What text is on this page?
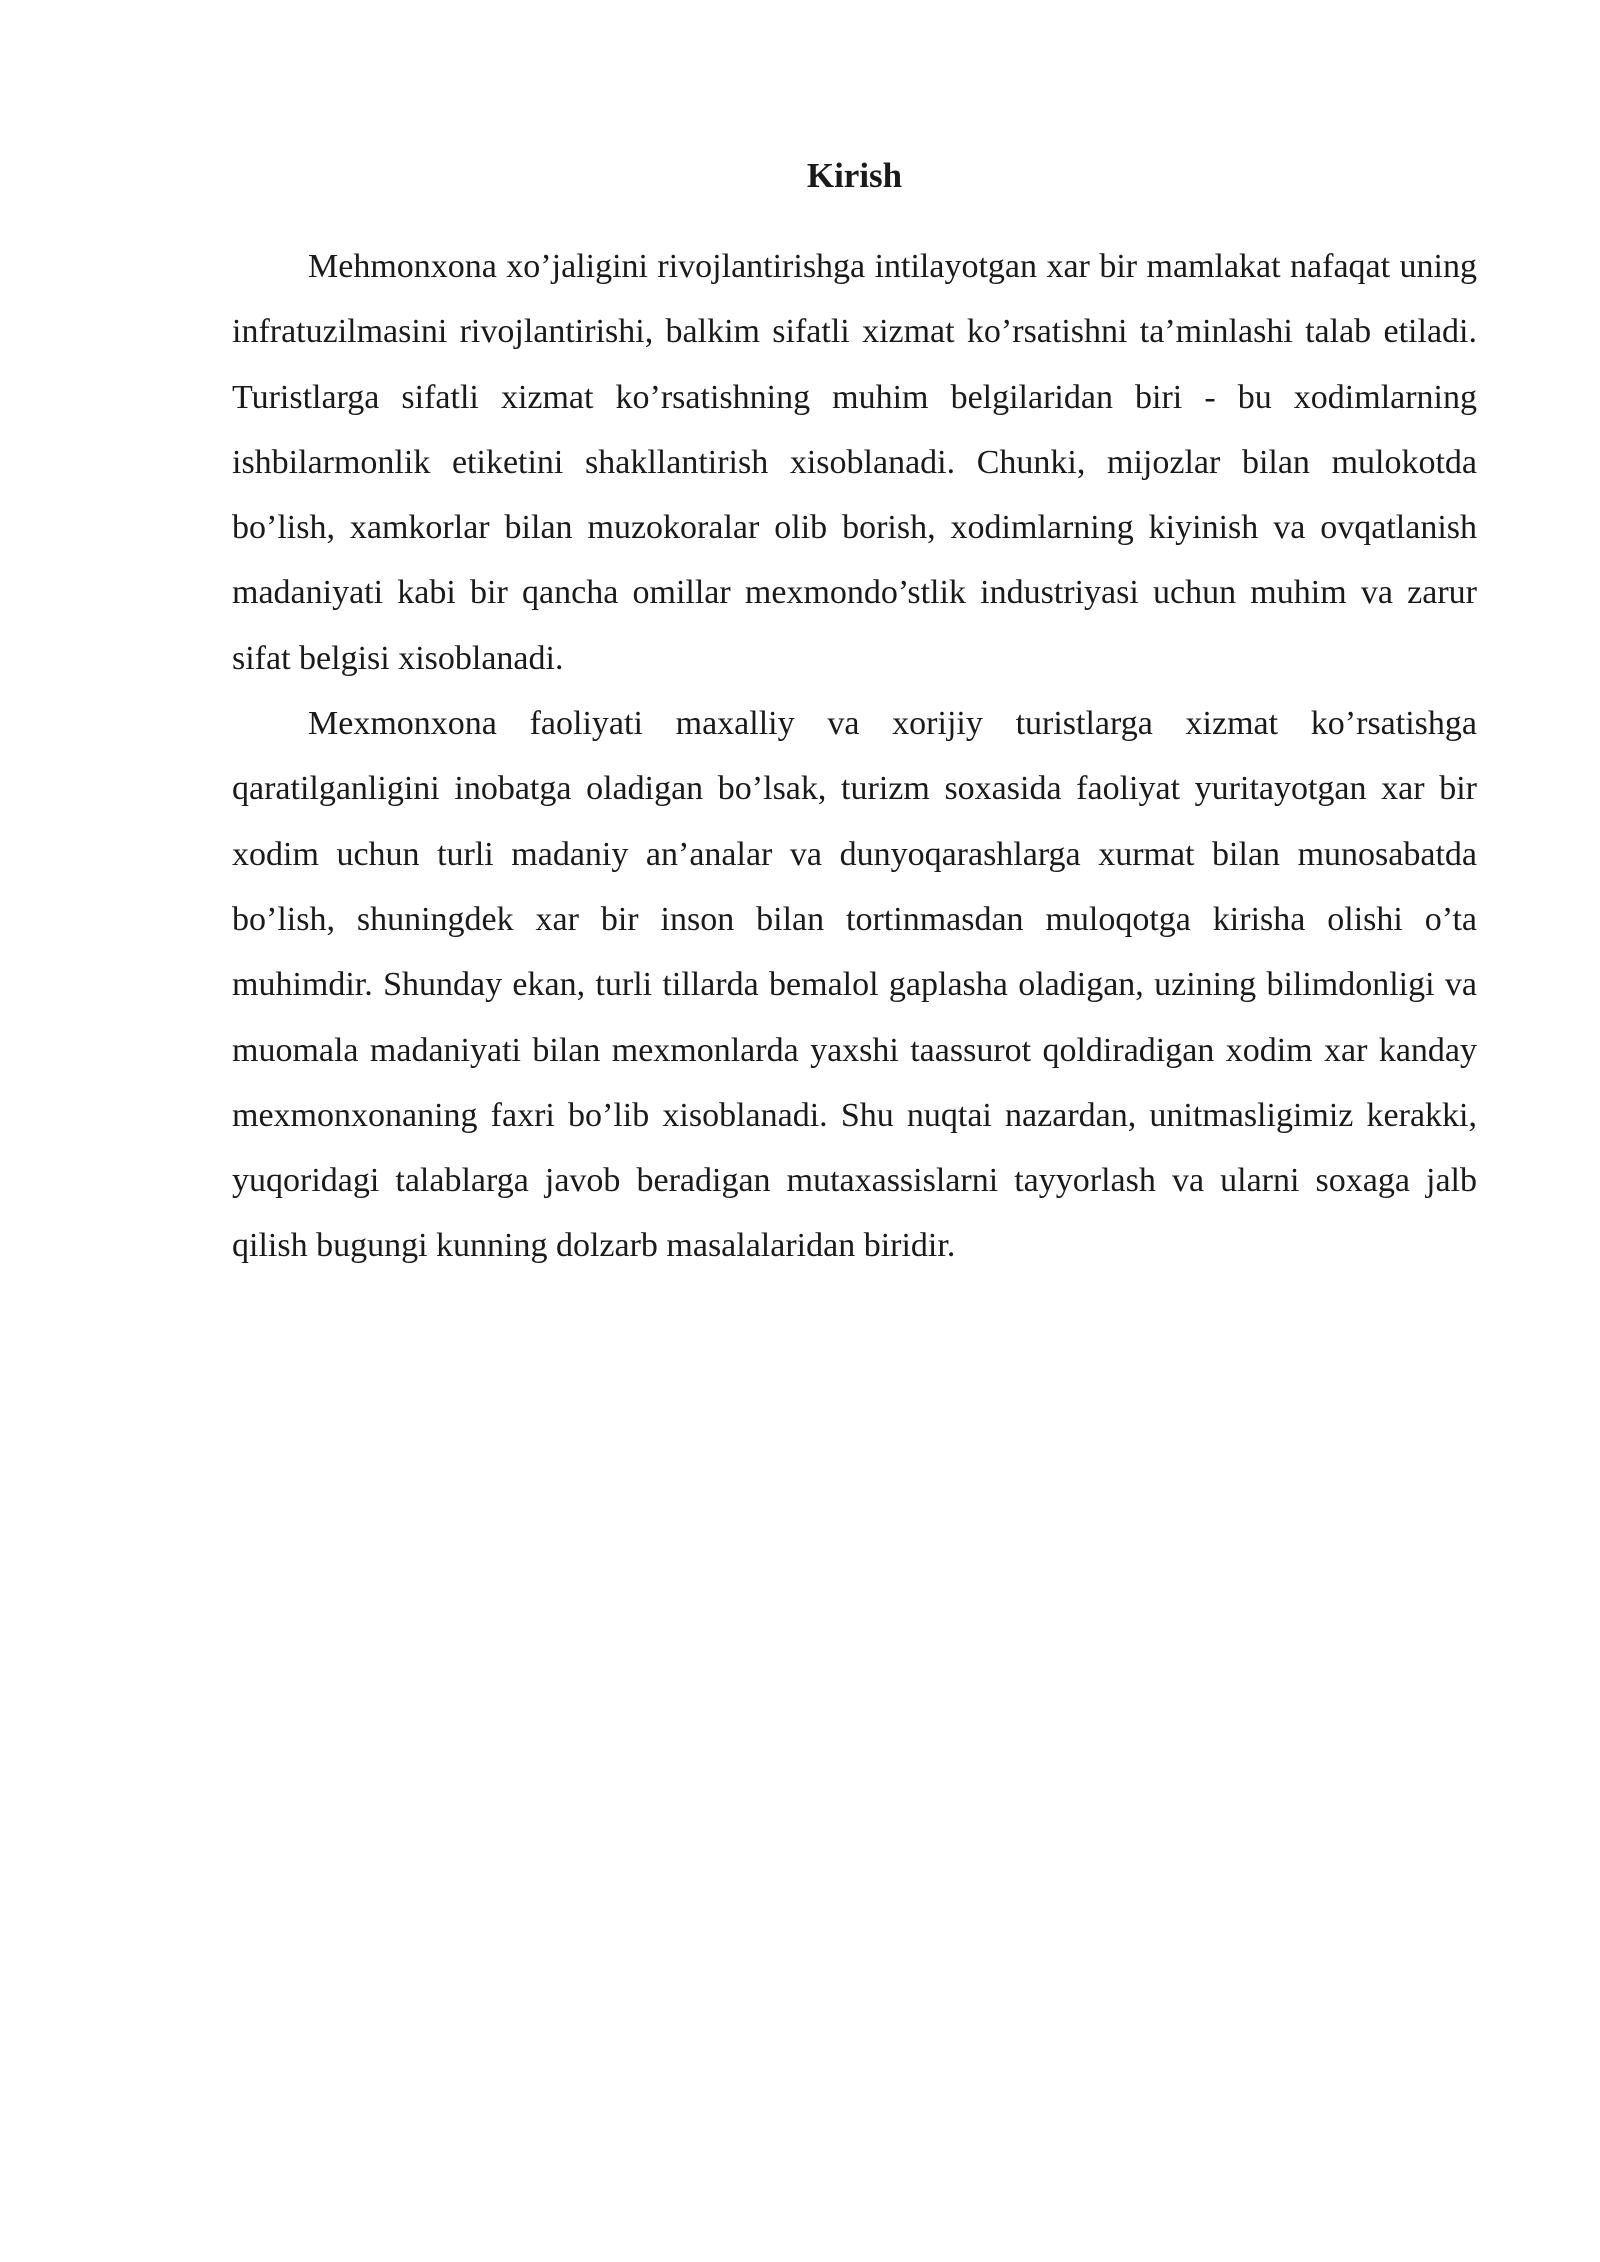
Kirish

Mehmonxona xo’jaligini rivojlantirishga intilayotgan xar bir mamlakat nafaqat uning infratuzilmasini rivojlantirishi, balkim sifatli xizmat ko’rsatishni ta’minlashi talab etiladi. Turistlarga sifatli xizmat ko’rsatishning muhim belgilaridan biri - bu xodimlarning ishbilarmonlik etiketini shakllantirish xisoblanadi. Chunki, mijozlar bilan mulokotda bo’lish, xamkorlar bilan muzokoralar olib borish, xodimlarning kiyinish va ovqatlanish madaniyati kabi bir qancha omillar mexmondo’stlik industriyasi uchun muhim va zarur sifat belgisi xisoblanadi.

Mexmonxona faoliyati maxalliy va xorijiy turistlarga xizmat ko’rsatishga qaratilganligini inobatga oladigan bo’lsak, turizm soxasida faoliyat yuritayotgan xar bir xodim uchun turli madaniy an’analar va dunyoqarashlarga xurmat bilan munosabatda bo’lish, shuningdek xar bir inson bilan tortinmasdan muloqotga kirisha olishi o’ta muhimdir. Shunday ekan, turli tillarda bemalol gaplasha oladigan, uzining bilimdonligi va muomala madaniyati bilan mexmonlarda yaxshi taassurot qoldiradigan xodim xar kanday mexmonxonaning faxri bo’lib xisoblanadi. Shu nuqtai nazardan, unitmasligimiz kerakki, yuqoridagi talablarga javob beradigan mutaxassislarni tayyorlash va ularni soxaga jalb qilish bugungi kunning dolzarb masalalaridan biridir.
